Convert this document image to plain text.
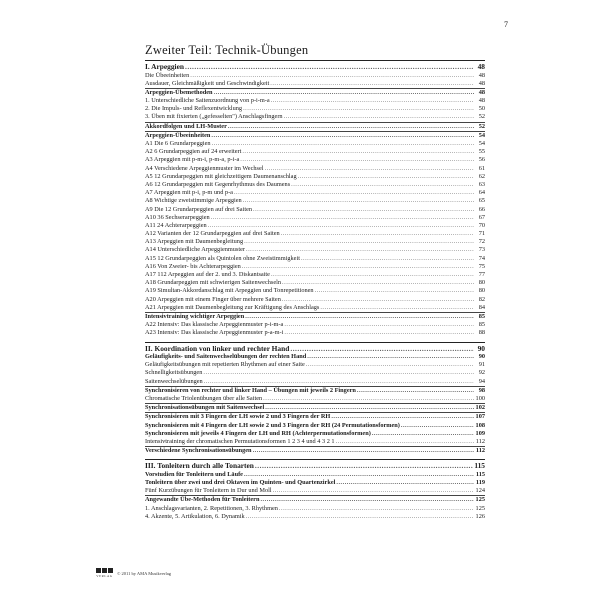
7
Zweiter Teil: Technik-Übungen
I. Arpeggien .....	48
Die Übeeinheiten .....	48
Ausdauer, Gleichmäßigkeit und Geschwindigkeit .....	48
Arpeggien-Übemethoden .....	48
1. Unterschiedliche Saitenzuordnung von p-i-m-a .....	48
2. Die Impuls- und Reflexentwicklung .....	50
3. Üben mit fixierten („gefesselten") Anschlagsfingern .....	52
Akkordfolgen und LH-Muster .....	52
Arpeggien-Übeeinheiten .....	54
A1 Die 6 Grundarpeggien .....	54
A2 6 Grundarpeggien auf 24 erweitert .....	55
A3 Arpeggien mit p-m-i, p-m-a, p-i-a .....	56
A4 Verschiedene Arpeggienmuster im Wechsel .....	61
A5 12 Grundarpeggien mit gleichzeitigem Daumenanschlag .....	62
A6 12 Grundarpeggien mit Gegenrhythmus des Daumens .....	63
A7 Arpeggien mit p-i, p-m und p-a .....	64
A8 Wichtige zweistimmige Arpeggien .....	65
A9 Die 12 Grundarpeggien auf drei Saiten .....	66
A10 36 Sechserarpeggien .....	67
A11 24 Achterarpeggien .....	70
A12 Varianten der 12 Grundarpeggien auf drei Saiten .....	71
A13 Arpeggien mit Daumenbegleitung .....	72
A14 Unterschiedliche Arpeggienmuster .....	73
A15 12 Grundarpeggien als Quintolen ohne Zweistimmigkeit .....	74
A16 Von Zweier- bis Achterarpeggien .....	75
A17 112 Arpeggien auf der 2. und 3. Diskantsaite .....	77
A18 Grundarpeggien mit schwierigen Saitenwechseln .....	80
A19 Simultan-Akkordanschlag mit Arpeggien und Tonrepetitionen .....	80
A20 Arpeggien mit einem Finger über mehrere Saiten .....	82
A21 Arpeggien mit Daumenbegleitung zur Kräftigung des Anschlags .....	84
Intensivtraining wichtiger Arpeggien .....	85
A22 Intensiv: Das klassische Arpeggienmuster p-i-m-a .....	85
A23 Intensiv: Das klassische Arpeggienmuster p-a-m-i .....	88
II. Koordination von linker und rechter Hand .....	90
Geläufigkeits- und Saitenwechselübungen der rechten Hand .....	90
Geläufigkeitsübungen mit repetierten Rhythmen auf einer Saite .....	91
Schnelligkeitsübungen .....	92
Saitenwechselübungen .....	94
Synchronisieren von rechter und linker Hand – Übungen mit jeweils 2 Fingern .....	98
Chromatische Triolenübungen über alle Saiten .....	100
Synchronisationsübungen mit Saitenwechsel .....	102
Synchronisieren mit 3 Fingern der LH sowie 2 und 3 Fingern der RH .....	107
Synchronisieren mit 4 Fingern der LH sowie 2 und 3 Fingern der RH (24 Permutationsformen) .....	108
Synchronisieren mit jeweils 4 Fingern der LH und RH (Achterpermutationsformen) .....	109
Intensivtraining der chromatischen Permutationsformen 1 2 3 4 und 4 3 2 1 .....	112
Verschiedene Synchronisationsübungen .....	112
III. Tonleitern durch alle Tonarten .....	115
Vorstudien für Tonleitern und Läufe .....	115
Tonleitern über zwei und drei Oktaven im Quinten- und Quartenzirkel .....	119
Fünf Kurzübungen für Tonleitern in Dur und Moll .....	124
Angewandte Übe-Methoden für Tonleitern .....	125
1. Anschlagsvarianten, 2. Repetitionen, 3. Rhythmen .....	125
4. Akzente, 5. Artikulation, 6. Dynamik .....	126
VERLAG
© 2011 by AMA Musikverlag
